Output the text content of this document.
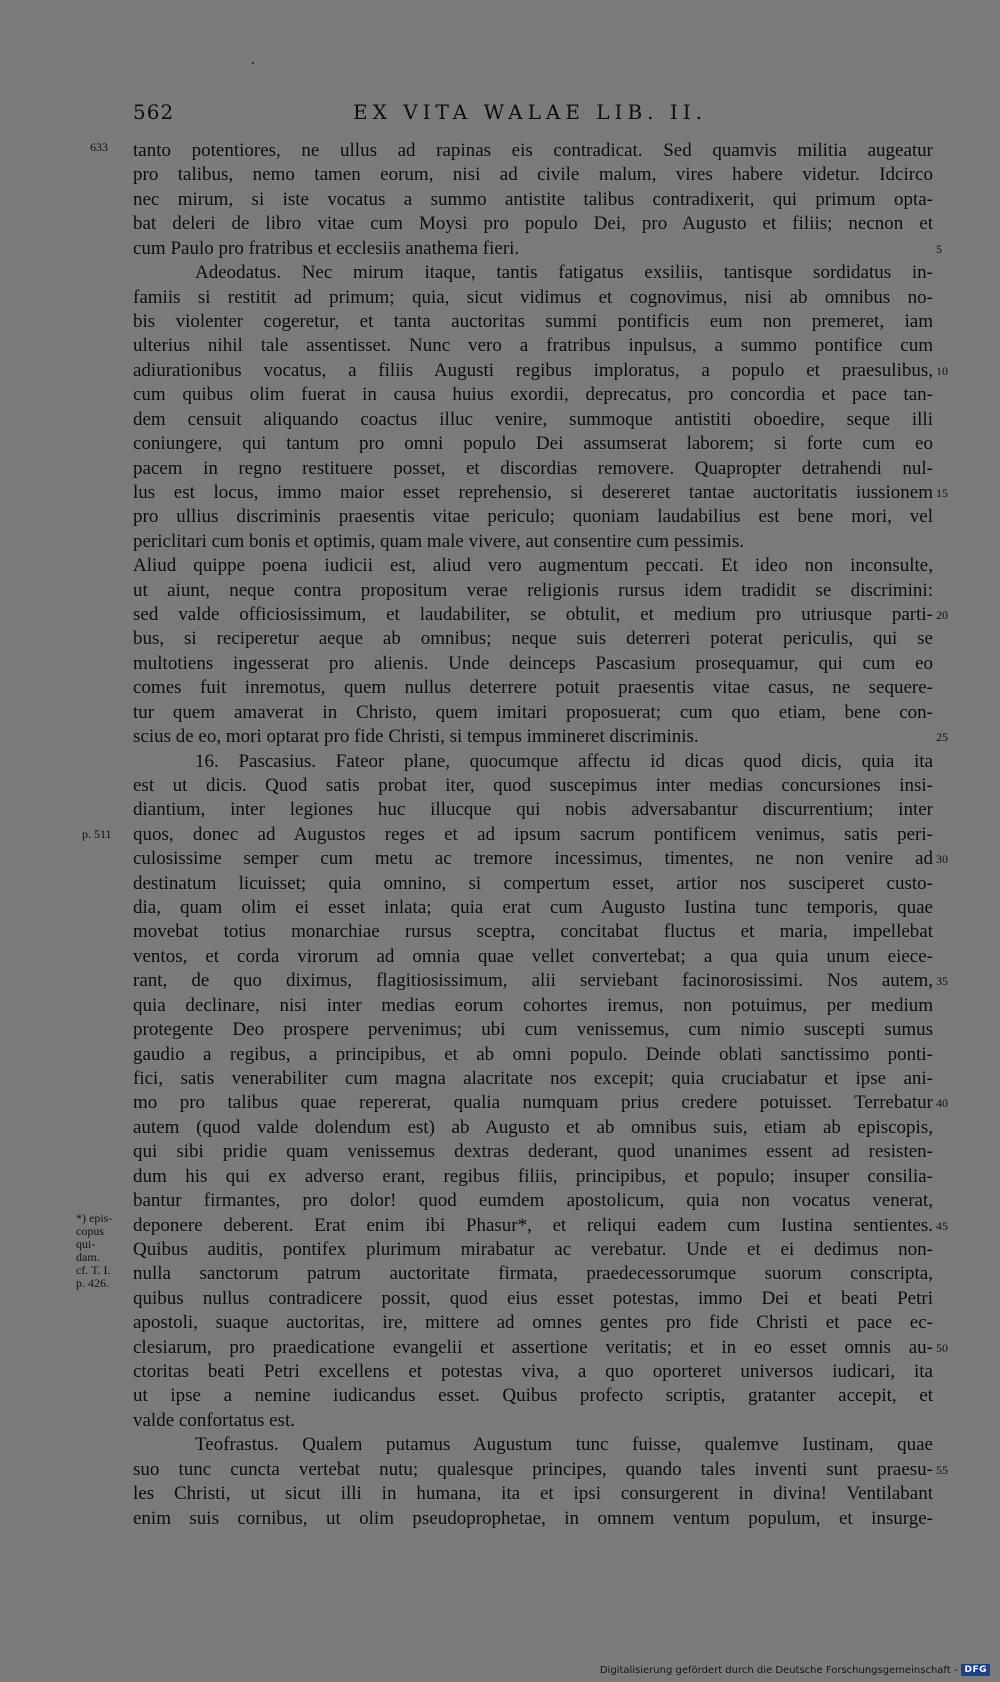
562	EX VITA WALAE LIB. II.
tanto potentiores, ne ullus ad rapinas eis contradicat. Sed quamvis militia augeatur
pro talibus, nemo tamen eorum, nisi ad civile malum, vires habere videtur. Idcirco
nec mirum, si iste vocatus a summo antistite talibus contradixerit, qui primum opta-
bat deleri de libro vitae cum Moysi pro populo Dei, pro Augusto et filiis; necnon et
cum Paulo pro fratribus et ecclesiis anathema fieri.
Adeodatus. Nec mirum itaque, tantis fatigatus exsiliis, tantisque sordidatus in-
famiis si restitit ad primum; quia, sicut vidimus et cognovimus, nisi ab omnibus no-
bis violenter cogeretur, et tanta auctoritas summi pontificis eum non premeret, iam
ulterius nihil tale assentisset. Nunc vero a fratribus inpulsus, a summo pontifice cum
adiurationibus vocatus, a filiis Augusti regibus imploratus, a populo et praesulibus,
cum quibus olim fuerat in causa huius exordii, deprecatus, pro concordia et pace tan-
dem censuit aliquando coactus illuc venire, summoque antistiti oboedire, seque illi
coniungere, qui tantum pro omni populo Dei assumserat laborem; si forte cum eo
pacem in regno restituere posset, et discordias removere. Quapropter detrahendi nul-
lus est locus, immo maior esset reprehensio, si desereret tantae auctoritatis iussionem
pro ullius discriminis praesentis vitae periculo; quoniam laudabilius est bene mori, vel
periclitari cum bonis et optimis, quam male vivere, aut consentire cum pessimis.
Aliud quippe poena iudicii est, aliud vero augmentum peccati. Et ideo non inconsulte,
ut aiunt, neque contra propositum verae religionis rursus idem tradidit se discrimini:
sed valde officiosissimum, et laudabiliter, se obtulit, et medium pro utriusque parti-
bus, si reciperetur aeque ab omnibus; neque suis deterreri poterat periculis, qui se
multotiens ingesserat pro alienis. Unde deinceps Pascasium prosequamur, qui cum eo
comes fuit inremotus, quem nullus deterrere potuit praesentis vitae casus, ne sequere-
tur quem amaverat in Christo, quem imitari proposuerat; cum quo etiam, bene con-
scius de eo, mori optarat pro fide Christi, si tempus immineret discriminis.
16. Pascasius. Fateor plane, quocumque affectu id dicas quod dicis, quia ita
est ut dicis. Quod satis probat iter, quod suscepimus inter medias concursiones insi-
diantium, inter legiones huc illucque qui nobis adversabantur discurrentium; inter
quos, donec ad Augustos reges et ad ipsum sacrum pontificem venimus, satis peri-
culosissime semper cum metu ac tremore incessimus, timentes, ne non venire ad
destinatum licuisset; quia omnino, si compertum esset, artior nos susciperet custo-
dia, quam olim ei esset inlata; quia erat cum Augusto Iustina tunc temporis, quae
movebat totius monarchiae rursus sceptra, concitabat fluctus et maria, impellebat
ventos, et corda virorum ad omnia quae vellet convertebat; a qua quia unum eiece-
rant, de quo diximus, flagitiosissimum, alii serviebant facinorosissimi. Nos autem,
quia declinare, nisi inter medias eorum cohortes iremus, non potuimus, per medium
protegente Deo prospere pervenimus; ubi cum venissemus, cum nimio suscepti sumus
gaudio a regibus, a principibus, et ab omni populo. Deinde oblati sanctissimo ponti-
fici, satis venerabiliter cum magna alacritate nos excepit; quia cruciabatur et ipse ani-
mo pro talibus quae repererat, qualia numquam prius credere potuisset. Terrebatur
autem (quod valde dolendum est) ab Augusto et ab omnibus suis, etiam ab episcopis,
qui sibi pridie quam venissemus dextras dederant, quod unanimes essent ad resisten-
dum his qui ex adverso erant, regibus filiis, principibus, et populo; insuper consilia-
bantur firmantes, pro dolor! quod eumdem apostolicum, quia non vocatus venerat,
deponere deberent. Erat enim ibi Phasur*, et reliqui eadem cum Iustina sentientes.
Quibus auditis, pontifex plurimum mirabatur ac verebatur. Unde et ei dedimus non-
nulla sanctorum patrum auctoritate firmata, praedecessorumque suorum conscripta,
quibus nullus contradicere possit, quod eius esset potestas, immo Dei et beati Petri
apostoli, suaque auctoritas, ire, mittere ad omnes gentes pro fide Christi et pace ec-
clesiarum, pro praedicatione evangelii et assertione veritatis; et in eo esset omnis au-
ctoritas beati Petri excellens et potestas viva, a quo oporteret universos iudicari, ita
ut ipse a nemine iudicandus esset. Quibus profecto scriptis, gratanter accepit, et
valde confortatus est.
Teofrastus. Qualem putamus Augustum tunc fuisse, qualemve Iustinam, quae
suo tunc cuncta vertebat nutu; qualesque principes, quando tales inventi sunt praesu-
les Christi, ut sicut illi in humana, ita et ipsi consurgerent in divina! Ventilabant
enim suis cornibus, ut olim pseudoprophetae, in omnem ventum populum, et insurge-
633
p. 511
*) epis-
copus
qui-
dam.
cf. T. I.
p. 426.
5
10
15
20
25
30
35
40
45
50
55
Digitalisierung gefördert durch die Deutsche Forschungsgemeinschaft - DFG
